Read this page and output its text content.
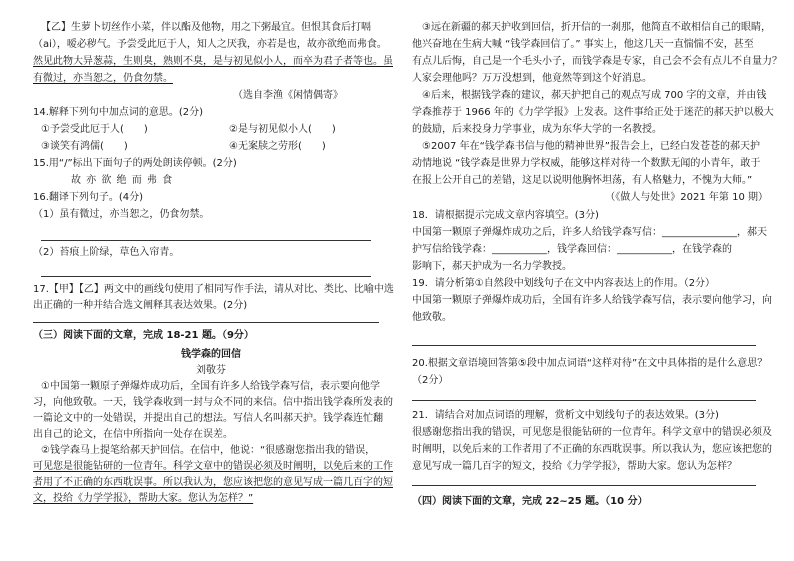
【乙】生萝卜切丝作小菜，伴以酯及他物，用之下粥最宜。但恨其食后打嗝
（ai），嗳必秽气。予尝受此厄于人，知人之厌我，亦若是也，故亦欲绝而弗食。
然见此物大异葱蒜，生则臭，熟则不臭，是与初见似小人，而卒为君子者等也。虽
有微过，亦当恕之，仍食勿禁。
（选自李渔《闲情偶寄》
14.解释下列句中加点词的意思。(2分)
①予尝受此厄于人(　　)	②是与初见似小人(　　)
③谈笑有鸿儒(　　)	④无案牍之劳形(　　)
15.用“/”标出下面句子的两处朗读停顿。(2分)
故 亦 欲 绝 而 弗 食
16.翻译下列句子。(4分)
（1）虽有微过，亦当恕之，仍食勿禁。
（2）苔痕上阶绿，草色入帘青。
17.【甲】【乙】两文中的画线句使用了相同写作手法，请从对比、类比、比喻中选
出正确的一种并结合选文阐释其表达效果。(2分)
（三）阅读下面的文章，完成 18-21 题。（9分）
钱学森的回信
刘敬芬
①中国第一颗原子弹爆炸成功后，全国有许多人给钱学森写信，表示要向他学
习，向他致敬。一天，钱学森收到一封与众不同的来信。信中指出钱学森所发表的
一篇论文中的一处错误，并提出自己的想法。写信人名叫郝天护。钱学森连忙翻
出自己的论文，在信中所指向一处存在误差。
②钱学森马上提笔给郝天护回信。在信中，他说：“很感谢您指出我的错误，
可见您是很能钻研的一位青年。科学文章中的错误必须及时阐明，以免后来的工作
者用了不正确的东西耽误事。所以我认为，您应该把您的意见写成一篇几百字的短
文，投给《力学学报》，帮助大家。您认为怎样？”
③远在新疆的郝天护收到回信，折开信的一刹那，他简直不敢相信自己的眼睛，
他兴奋地在生病大喊 “钱学森回信了。” 事实上，他这几天一直惴惴不安，甚至
有点儿后悔，自己是一个毛头小子，而钱学森是专家，自己会不会有点儿不自量力？
人家会理他吗？万万没想到，他竟然等到这个好消息。
④后来，根据钱学森的建议，郝天护把自己的观点写成 700 字的文章，并由钱
学森推荐于 1966 年的《力学学报》上发表。这件事给正处于迷茫的郝天护以极大
的鼓励，后来投身力学事业，成为东华大学的一名教授。
⑤2007 年在“钱学森书信与他的精神世界”报告会上，已经白发苍苍的郝天护
动情地说 “钱学森是世界力学权威，能够这样对待一个数默无闻的小青年，敢于
在报上公开自己的差错，这足以说明他胸怀坦荡，有人格魅力，不愧为大师。”
（《做人与处世》2021 年第 10 期）
18．请根据提示完成文章内容填空。(3分)
中国第一颗原子弹爆炸成功之后，许多人给钱学森写信：_______________，郝天
护写信给钱学森：___________，钱学森回信：___________，在钱学森的
影响下，郝天护成为一名力学教授。
19．请分析第①自然段中划线句子在文中内容表达上的作用。（2分）
中国第一颗原子弹爆炸成功后，全国有许多人给钱学森写信，表示要向他学习，向
他致敬。
20.根据文章语境回答第⑤段中加点词语“这样对待”在文中具体指的是什么意思？
（2分）
21．请结合对加点词语的理解，赏析文中划线句子的表达效果。(3分)
很感谢您指出我的错误，可见您是很能钻研的一位青年。科学文章中的错误必须及
时阐明，以免后来的工作者用了不正确的东西耽误事。所以我认为，您应该把您的
意见写成一篇几百字的短文，投给《力学学报》，帮助大家。您认为怎样？
（四）阅读下面的文章，完成 22~25 题。（10 分）
